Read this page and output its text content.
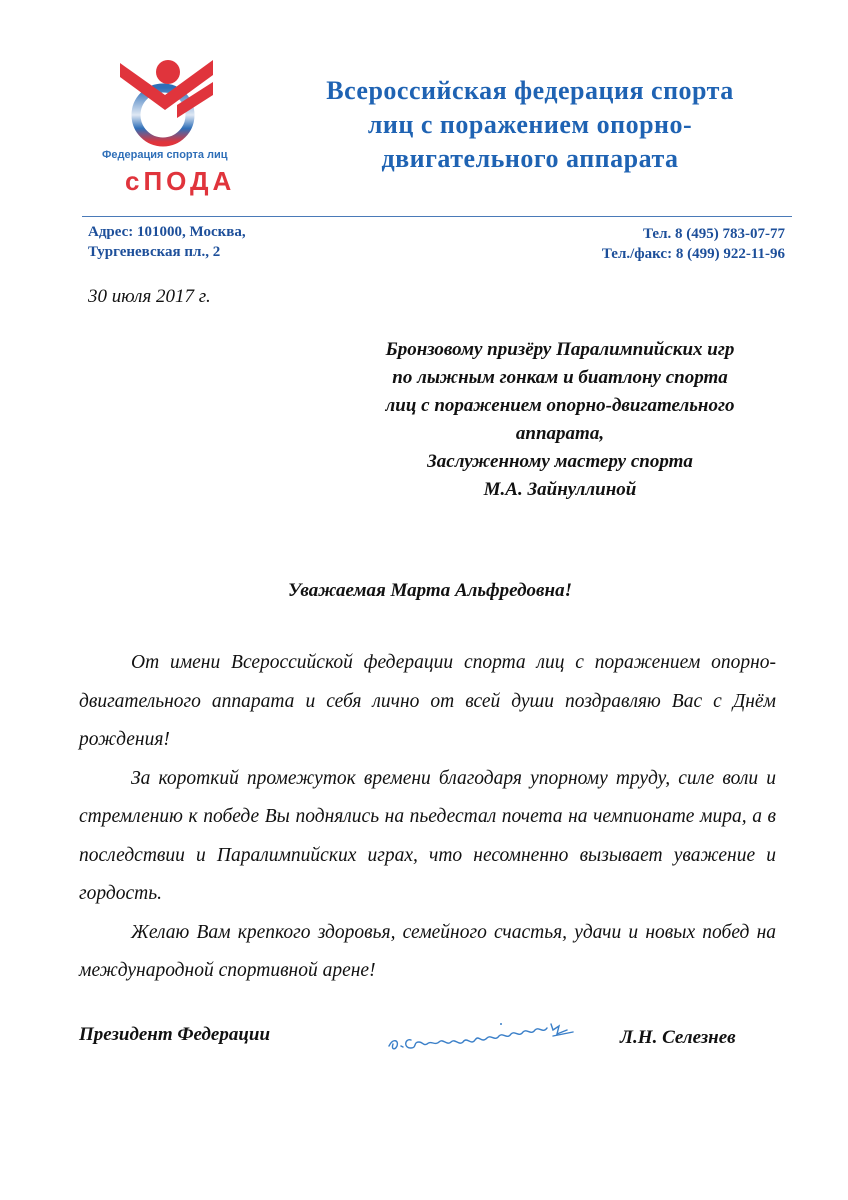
Федерация спорта лиц
сПОДА
Всероссийская федерация спорта
лиц с поражением опорно-
двигательного аппарата
Адрес: 101000, Москва,
Тургеневская пл., 2
Тел. 8 (495) 783-07-77
Тел./факс: 8 (499) 922-11-96
30 июля 2017 г.
Бронзовому призёру Паралимпийских игр
по лыжным гонкам и биатлону спорта
лиц с поражением опорно-двигательного
аппарата,
Заслуженному мастеру спорта
М.А. Зайнуллиной
Уважаемая Марта Альфредовна!

От имени Всероссийской федерации спорта лиц с поражением опорно-двигательного аппарата и себя лично от всей души поздравляю Вас с Днём рождения!

За короткий промежуток времени благодаря упорному труду, силе воли и стремлению к победе Вы поднялись на пьедестал почета на чемпионате мира, а в последствии и Паралимпийских играх, что несомненно вызывает уважение и гордость.

Желаю Вам крепкого здоровья, семейного счастья, удачи и новых побед на международной спортивной арене!

Президент Федерации	Л.Н. Селезнев
